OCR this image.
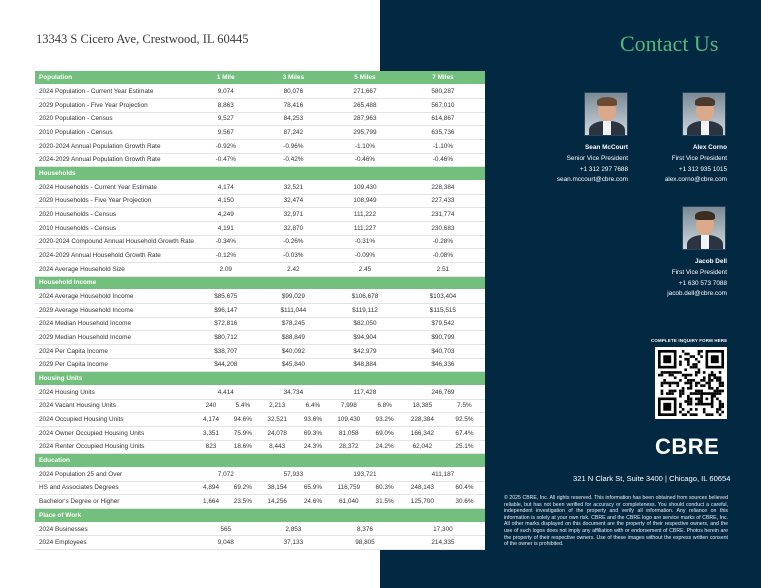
13343 S Cicero Ave, Crestwood, IL 60445
Population	1 Mile		3 Miles		5 Miles		7 Miles	
2024 Population - Current Year Estimate	9,074		80,076		271,667		580,287	
2029 Population - Five Year Projection	8,863		78,416		265,488		567,010	
2020 Population - Census	9,527		84,253		287,963		614,867	
2010 Population - Census	9,567		87,242		295,799		635,736	
2020-2024 Annual Population Growth Rate	-0.92%		-0.96%		-1.10%		-1.10%	
2024-2029 Annual Population Growth Rate	-0.47%		-0.42%		-0.46%		-0.46%	
Households								
2024 Households - Current Year Estimate	4,174		32,521		109,430		228,384	
2029 Households - Five Year Projection	4,150		32,474		108,949		227,433	
2020 Households - Census	4,249		32,971		111,222		231,774	
2010 Households - Census	4,191		32,870		111,227		230,683	
2020-2024 Compound Annual Household Growth Rate	-0.34%		-0.26%		-0.31%		-0.28%	
2024-2029 Annual Household Growth Rate	-0.12%		-0.03%		-0.09%		-0.08%	
2024 Average Household Size	2.09		2.42		2.45		2.51	
Household Income								
2024 Average Household Income	$85,675		$99,029		$106,678		$103,404	
2029 Average Household Income	$96,147		$111,044		$119,112		$115,515	
2024 Median Household Income	$72,816		$78,245		$82,050		$79,542	
2029 Median Household Income	$80,712		$88,849		$94,904		$90,799	
2024 Per Capita Income	$38,707		$40,092		$42,979		$40,703	
2029 Per Capita Income	$44,208		$45,840		$48,884		$46,336	
Housing Units								
2024 Housing Units	4,414		34,734		117,428		246,769	
2024 Vacant Housing Units	240	5.4%	2,213	6.4%	7,998	6.8%	18,385	7.5%
2024 Occupied Housing Units	4,174	94.6%	32,521	93.6%	109,430	93.2%	228,384	92.5%
2024 Owner Occupied Housing Units	3,351	75.9%	24,078	69.3%	81,058	69.0%	166,342	67.4%
2024 Renter Occupied Housing Units	823	18.6%	8,443	24.3%	28,372	24.2%	62,042	25.1%
Education								
2024 Population 25 and Over	7,072		57,933		193,721		411,187	
HS and Associates Degrees	4,894	69.2%	38,154	65.9%	116,759	60.3%	248,143	60.4%
Bachelor's Degree or Higher	1,664	23.5%	14,256	24.6%	61,040	31.5%	125,700	30.6%
Place of Work								
2024 Businesses	565		2,853		8,376		17,300	
2024 Employees	9,048		37,133		98,805		214,335	
Contact Us
Sean McCourt
Senior Vice President
+1 312 297 7688
sean.mccourt@cbre.com
Alex Corno
First Vice President
+1 312 935 1015
alex.corno@cbre.com
Jacob Dell
First Vice President
+1 630 573 7088
jacob.dell@cbre.com
COMPLETE INQUIRY FORM HERE
CBRE
321 N Clark St, Suite 3400 | Chicago, IL 60654
© 2025 CBRE, Inc. All rights reserved. This information has been obtained from sources believed reliable, but has not been verified for accuracy or completeness. You should conduct a careful, independent investigation of the property and verify all information. Any reliance on this information is solely at your own risk. CBRE and the CBRE logo are service marks of CBRE, Inc. All other marks displayed on this document are the property of their respective owners, and the use of such logos does not imply any affiliation with or endorsement of CBRE. Photos herein are the property of their respective owners. Use of these images without the express written consent of the owner is prohibited.
